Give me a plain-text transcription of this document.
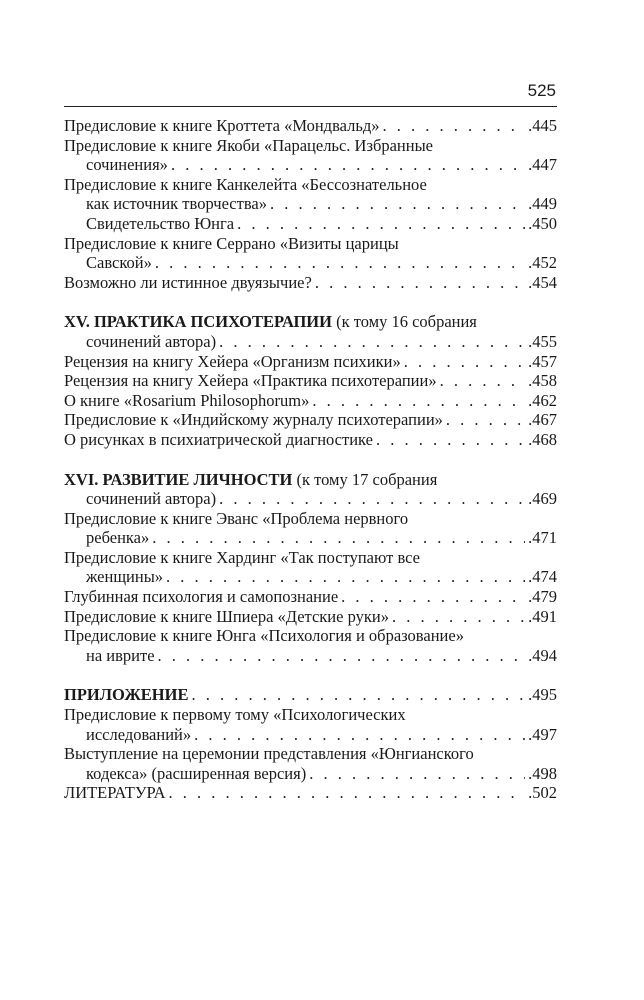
525
Предисловие к книге Кроттета «Мондвальд» . . .	.445
Предисловие к книге Якоби «Парацельс. Избранные
сочинения» . . .	.447
Предисловие к книге Канкелейта «Бессознательное
как источник творчества» . . .	.449
Свидетельство Юнга . . .	.450
Предисловие к книге Серрано «Визиты царицы
Савской» . . .	.452
Возможно ли истинное двуязычие? . . .	.454
XV. ПРАКТИКА ПСИХОТЕРАПИИ (к тому 16 собрания
сочинений автора) . . .	.455
Рецензия на книгу Хейера «Организм психики» . . .	.457
Рецензия на книгу Хейера «Практика психотерапии» . . .	.458
О книге «Rosarium Philosophorum» . . .	.462
Предисловие к «Индийскому журналу психотерапии» . . .	.467
О рисунках в психиатрической диагностике . . .	.468
XVI. РАЗВИТИЕ ЛИЧНОСТИ (к тому 17 собрания
сочинений автора) . . .	.469
Предисловие к книге Эванс «Проблема нервного
ребенка» . . .	.471
Предисловие к книге Хардинг «Так поступают все
женщины» . . .	.474
Глубинная психология и самопознание . . .	.479
Предисловие к книге Шпиера «Детские руки» . . .	.491
Предисловие к книге Юнга «Психология и образование»
на иврите . . .	.494
ПРИЛОЖЕНИЕ . . .	.495
Предисловие к первому тому «Психологических
исследований» . . .	.497
Выступление на церемонии представления «Юнгианского
кодекса» (расширенная версия) . . .	.498
ЛИТЕРАТУРА . . .	.502
